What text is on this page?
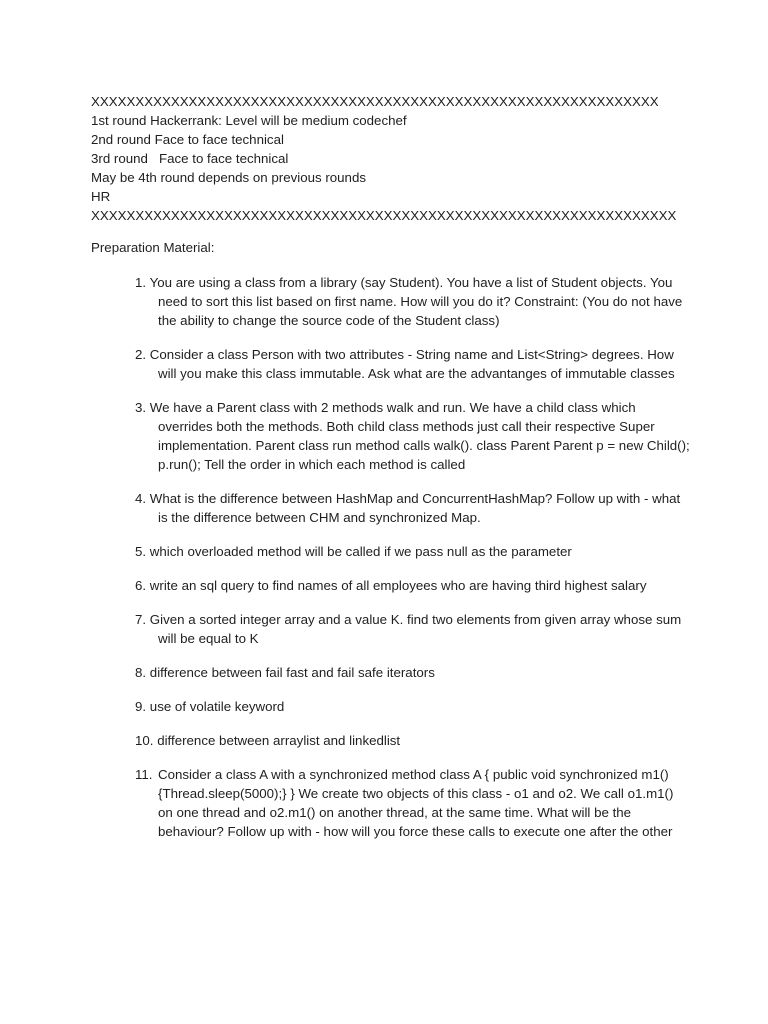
XXXXXXXXXXXXXXXXXXXXXXXXXXXXXXXXXXXXXXXXXXXXXXXXXXXXXXXXXXXXXXXX
1st round Hackerrank: Level will be medium codechef
2nd round Face to face technical
3rd round   Face to face technical
May be 4th round depends on previous rounds
HR
XXXXXXXXXXXXXXXXXXXXXXXXXXXXXXXXXXXXXXXXXXXXXXXXXXXXXXXXXXXXXXXXXX
Preparation Material:
1. You are using a class from a library (say Student). You have a list of Student objects. You need to sort this list based on first name. How will you do it? Constraint: (You do not have the ability to change the source code of the Student class)
2. Consider a class Person with two attributes - String name and List<String> degrees. How will you make this class immutable. Ask what are the advantanges of immutable classes
3. We have a Parent class with 2 methods walk and run. We have a child class which overrides both the methods. Both child class methods just call their respective Super implementation. Parent class run method calls walk(). class Parent Parent p = new Child(); p.run(); Tell the order in which each method is called
4. What is the difference between HashMap and ConcurrentHashMap? Follow up with - what is the difference between CHM and synchronized Map.
5. which overloaded method will be called if we pass null as the parameter
6. write an sql query to find names of all employees who are having third highest salary
7. Given a sorted integer array and a value K. find two elements from given array whose sum will be equal to K
8. difference between fail fast and fail safe iterators
9. use of volatile keyword
10. difference between arraylist and linkedlist
11. Consider a class A with a synchronized method class A { public void synchronized m1() {Thread.sleep(5000);} } We create two objects of this class - o1 and o2. We call o1.m1() on one thread and o2.m1() on another thread, at the same time. What will be the behaviour? Follow up with - how will you force these calls to execute one after the other
